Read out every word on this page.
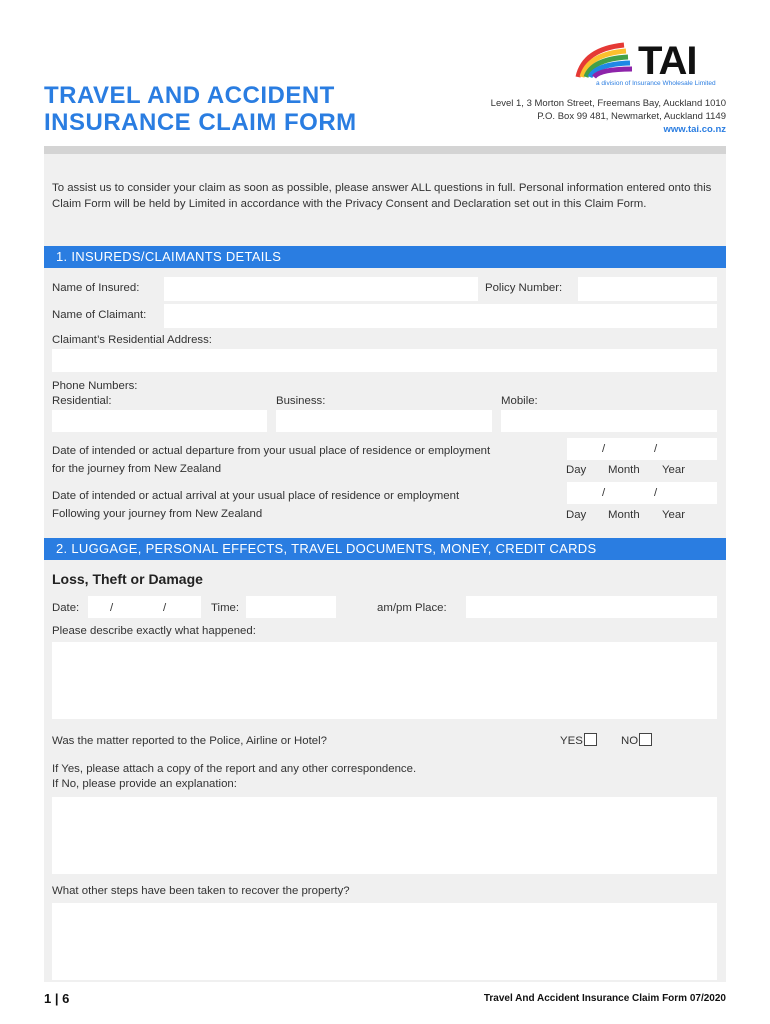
TRAVEL AND ACCIDENT
INSURANCE CLAIM FORM
TAI
a division of Insurance Wholesale Limited
Level 1, 3 Morton Street, Freemans Bay, Auckland 1010
P.O. Box 99 481, Newmarket, Auckland 1149
www.tai.co.nz
To assist us to consider your claim as soon as possible, please answer ALL questions in full. Personal information entered onto this Claim Form will be held by Limited in accordance with the Privacy Consent and Declaration set out in this Claim Form.
1. INSUREDS/CLAIMANTS DETAILS
Name of Insured:	Policy Number:
Name of Claimant:
Claimant’s Residential Address:
Phone Numbers:
Residential:	Business:	Mobile:
Date of intended or actual departure from your usual place of residence or employment
for the journey from New Zealand
/	/
Day Month Year
Date of intended or actual arrival at your usual place of residence or employment
Following your journey from New Zealand
/	/
Day Month Year
2. LUGGAGE, PERSONAL EFFECTS, TRAVEL DOCUMENTS, MONEY, CREDIT CARDS
Loss, Theft or Damage
Date:	/	/	Time:	am/pm Place:
Please describe exactly what happened:
Was the matter reported to the Police, Airline or Hotel?	YES	NO
If Yes, please attach a copy of the report and any other correspondence.
If No, please provide an explanation:
What other steps have been taken to recover the property?
1 | 6	Travel And Accident Insurance Claim Form 07/2020
